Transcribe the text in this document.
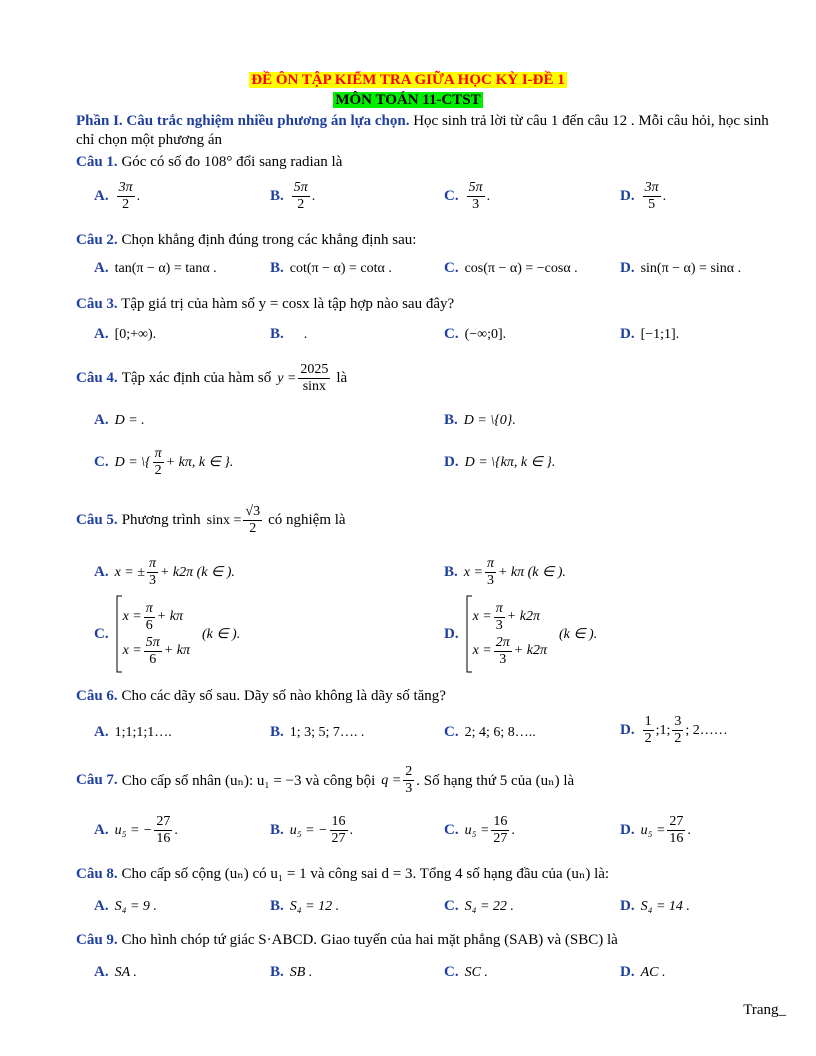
ĐỀ ÔN TẬP KIỂM TRA GIỮA HỌC KỲ I-ĐỀ 1
MÔN TOÁN 11-CTST
Phần I. Câu trắc nghiệm nhiều phương án lựa chọn. Học sinh trả lời từ câu 1 đến câu 12 . Mỗi câu hỏi, học sinh chỉ chọn một phương án
Câu 1. Góc có số đo 108° đổi sang radian là
A. $\frac{3\pi}{2}$ .	B. $\frac{5\pi}{2}$ .	C. $\frac{5\pi}{3}$ .	D. $\frac{3\pi}{5}$ .
Câu 2. Chọn khẳng định đúng trong các khẳng định sau:
A. tan(π − α) = tanα .	B. cot(π − α) = cotα .	C. cos(π − α) = −cosα .	D. sin(π − α) = sinα .
Câu 3. Tập giá trị của hàm số y = cosx là tập hợp nào sau đây?
A. [0;+∞).	B. .	C. (−∞;0].	D. [−1;1].
Câu 4. Tập xác định của hàm số $y = \frac{2025}{\sin x}$ là
A. D = .	B. D = \{0}.
C. D = \{ $\frac{\pi}{2} + k\pi$, k ∈ }.	D. D = \{kπ, k ∈ }.
Câu 5. Phương trình $\sin x = \frac{√3}{2}$ có nghiệm là
A. x = ± $\frac{\pi}{3} + k2\pi$ (k ∈ ).	B. $x = \frac{\pi}{3} + k\pi$ (k ∈ ).
C.
$x = \frac{\pi}{6} + k\pi$
$x = \frac{5\pi}{6} + k\pi$
(k ∈ ).	D.
$x = \frac{\pi}{3} + k2\pi$
$x = \frac{2\pi}{3} + k2\pi$
(k ∈ ).
Câu 6. Cho các dãy số sau. Dãy số nào không là dãy số tăng?
A. 1;1;1;1….	B. 1; 3; 5; 7…. .	C. 2; 4; 6; 8…..	D. $\frac{1}{2}$ ;1; $\frac{3}{2}$ ; 2……
Câu 7. Cho cấp số nhân (uₙ): u₁ = −3 và công bội $q = \frac{2}{3}$ . Số hạng thứ 5 của (uₙ) là
A. u₅ = − $\frac{27}{16}$ .	B. u₅ = − $\frac{16}{27}$ .	C. $u_5 = \frac{16}{27}$ .	D. $u_5 = \frac{27}{16}$ .
Câu 8. Cho cấp số cộng (uₙ) có u₁ = 1 và công sai d = 3. Tổng 4 số hạng đầu của (uₙ) là:
A. S₄ = 9 .	B. S₄ = 12 .	C. S₄ = 22 .	D. S₄ = 14 .
Câu 9. Cho hình chóp tứ giác S·ABCD. Giao tuyến của hai mặt phẳng (SAB) và (SBC) là
A. SA .	B. SB .	C. SC .	D. AC .
Trang_
